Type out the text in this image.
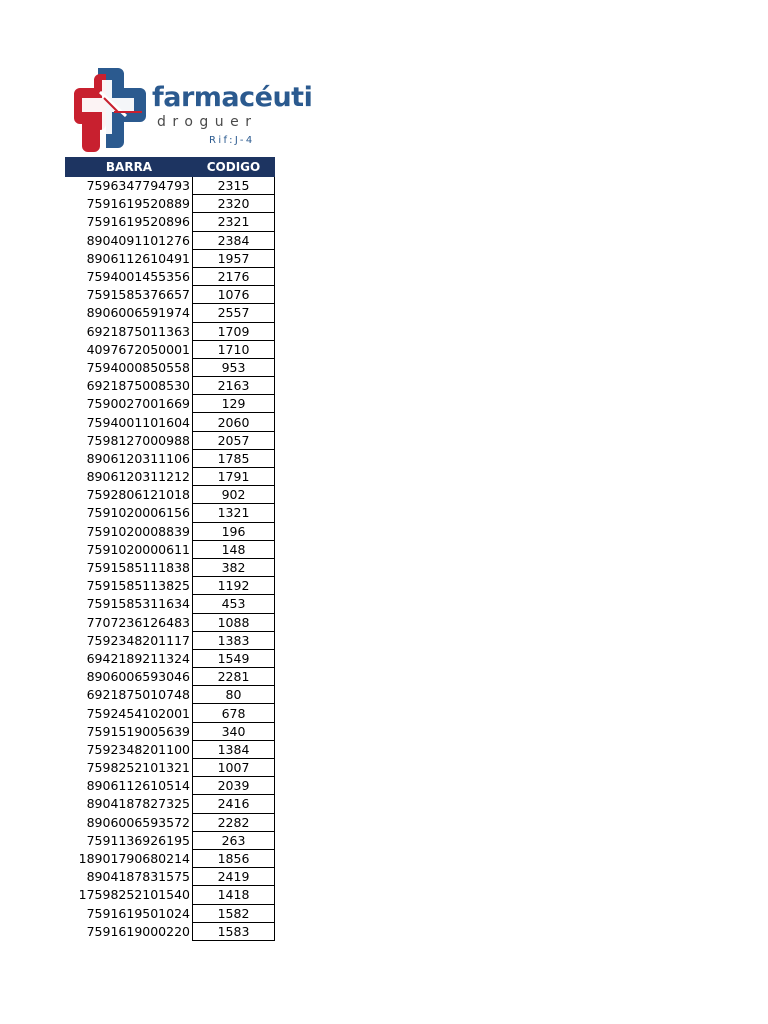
farmacéuti
droguer
Rif:J-4
BARRA	CODIGO
7596347794793	2315
7591619520889	2320
7591619520896	2321
8904091101276	2384
8906112610491	1957
7594001455356	2176
7591585376657	1076
8906006591974	2557
6921875011363	1709
4097672050001	1710
7594000850558	953
6921875008530	2163
7590027001669	129
7594001101604	2060
7598127000988	2057
8906120311106	1785
8906120311212	1791
7592806121018	902
7591020006156	1321
7591020008839	196
7591020000611	148
7591585111838	382
7591585113825	1192
7591585311634	453
7707236126483	1088
7592348201117	1383
6942189211324	1549
8906006593046	2281
6921875010748	80
7592454102001	678
7591519005639	340
7592348201100	1384
7598252101321	1007
8906112610514	2039
8904187827325	2416
8906006593572	2282
7591136926195	263
18901790680214	1856
8904187831575	2419
17598252101540	1418
7591619501024	1582
7591619000220	1583
